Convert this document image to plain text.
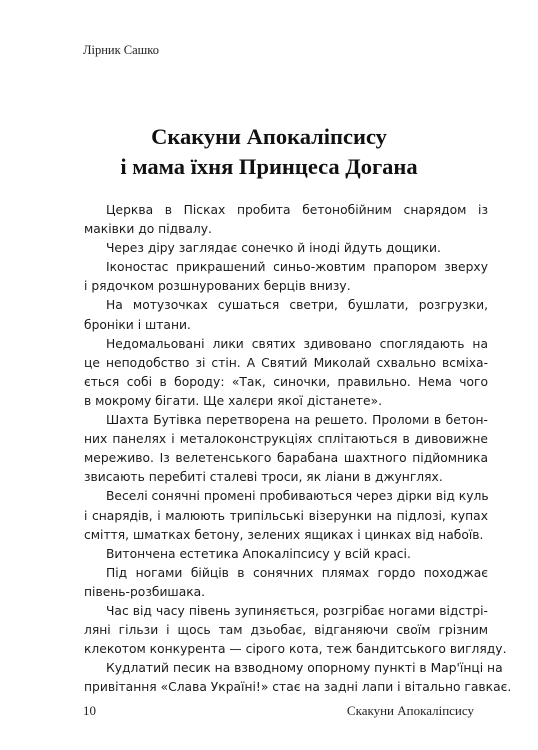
Лірник Сашко
Скакуни Апокаліпсису
і мама їхня Принцеса Догана
Церква в Пісках пробита бетонобійним снарядом із
маківки до підвалу.
Через діру заглядає сонечко й іноді йдуть дощики.
Іконостас прикрашений синьо-жовтим прапором зверху
і рядочком розшнурованих берців внизу.
На мотузочках сушаться светри, бушлати, розгрузки,
броніки і штани.
Недомальовані лики святих здивовано споглядають на
це неподобство зі стін. А Святий Миколай схвально всміха-
ється собі в бороду: «Так, синочки, правильно. Нема чого
в мокрому бігати. Ще халєри якої дістанете».
Шахта Бутівка перетворена на решето. Проломи в бетон-
них панелях і металоконструкціях сплітаються в дивовижне
мереживо. Із велетенського барабана шахтного підйомника
звисають перебиті сталеві троси, як ліани в джунглях.
Веселі сонячні промені пробиваються через дірки від куль
і снарядів, і малюють трипільські візерунки на підлозі, купах
сміття, шматках бетону, зелених ящиках і цинках від набоїв.
Витончена естетика Апокаліпсису у всій красі.
Під ногами бійців в сонячних плямах гордо походжає
півень-розбишака.
Час від часу півень зупиняється, розгрібає ногами відстрі-
ляні гільзи і щось там дзьобає, відганяючи своїм грізним
клекотом конкурента — сірого кота, теж бандитського вигляду.
Кудлатий песик на взводному опорному пункті в Мар'їнці на
привітання «Слава Україні!» стає на задні лапи і вітально гавкає.
10	Скакуни Апокаліпсису
